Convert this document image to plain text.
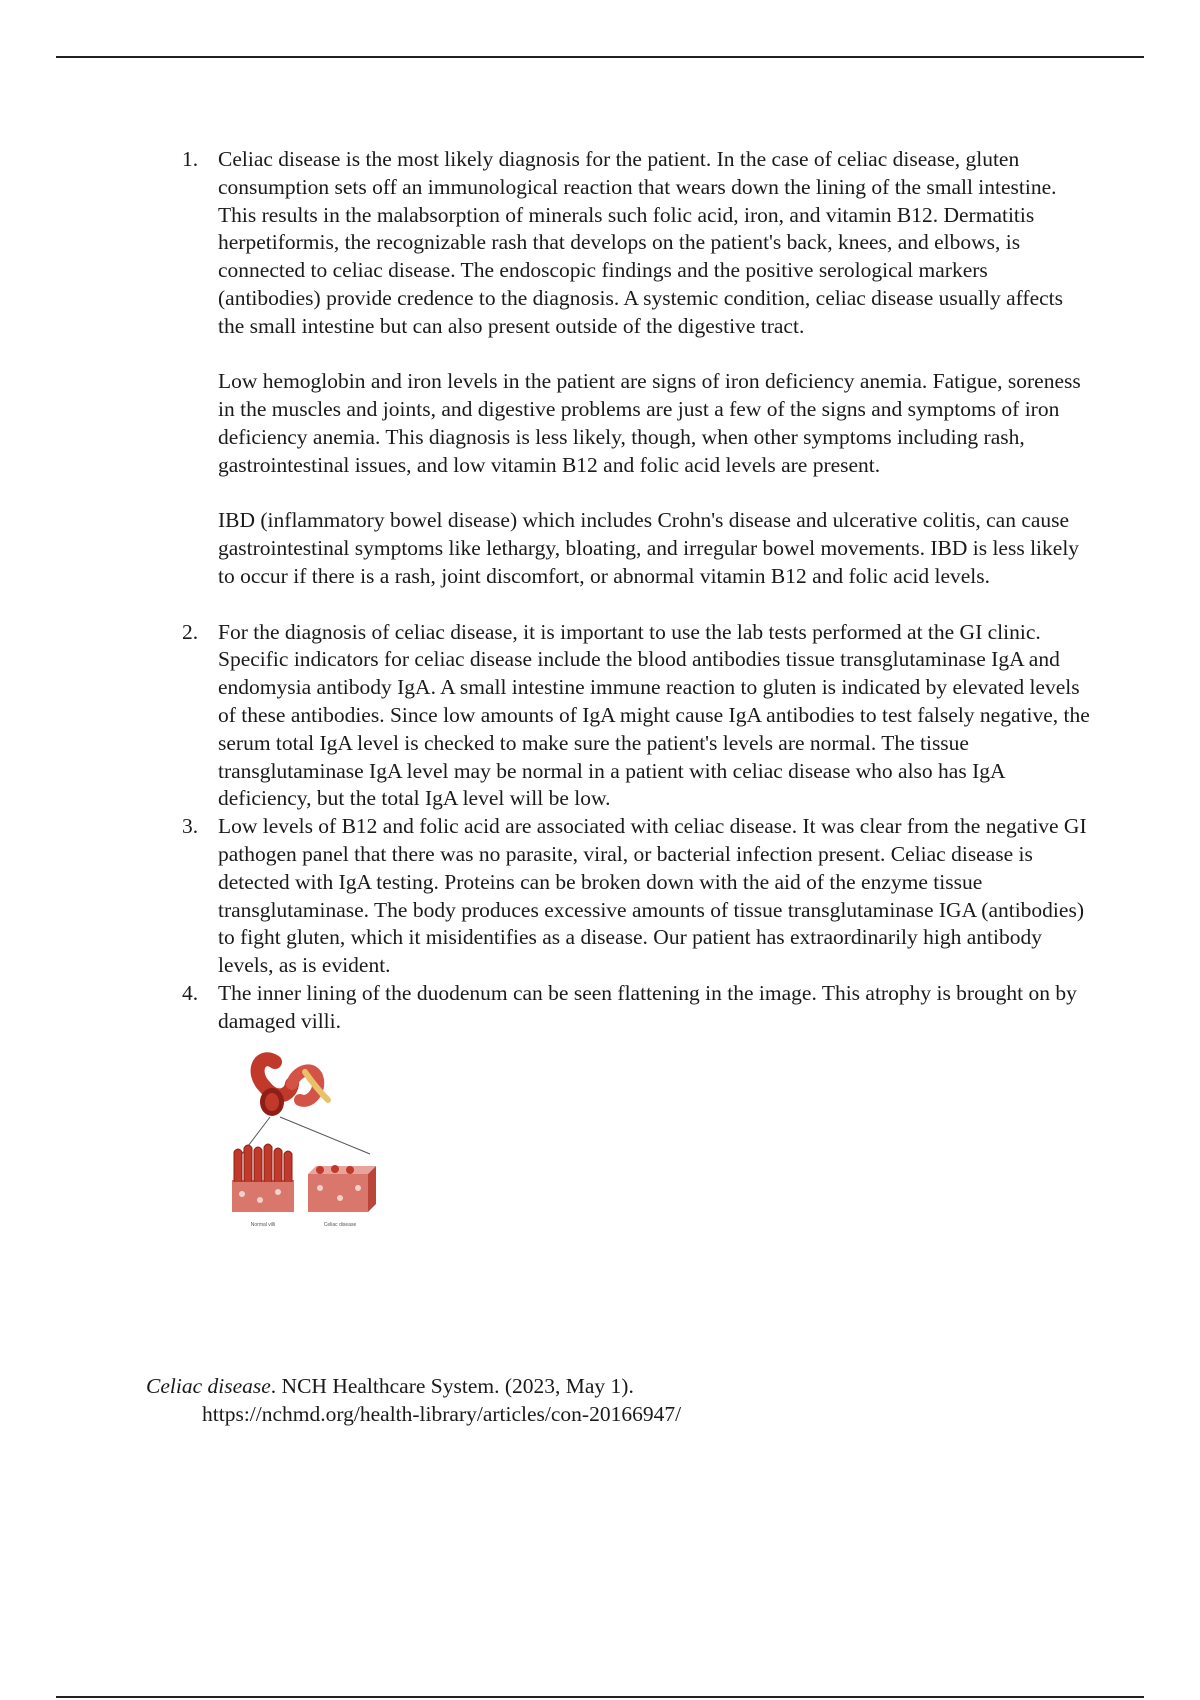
1. Celiac disease is the most likely diagnosis for the patient. In the case of celiac disease, gluten consumption sets off an immunological reaction that wears down the lining of the small intestine. This results in the malabsorption of minerals such folic acid, iron, and vitamin B12. Dermatitis herpetiformis, the recognizable rash that develops on the patient's back, knees, and elbows, is connected to celiac disease. The endoscopic findings and the positive serological markers (antibodies) provide credence to the diagnosis. A systemic condition, celiac disease usually affects the small intestine but can also present outside of the digestive tract.

Low hemoglobin and iron levels in the patient are signs of iron deficiency anemia. Fatigue, soreness in the muscles and joints, and digestive problems are just a few of the signs and symptoms of iron deficiency anemia. This diagnosis is less likely, though, when other symptoms including rash, gastrointestinal issues, and low vitamin B12 and folic acid levels are present.

IBD (inflammatory bowel disease) which includes Crohn's disease and ulcerative colitis, can cause gastrointestinal symptoms like lethargy, bloating, and irregular bowel movements. IBD is less likely to occur if there is a rash, joint discomfort, or abnormal vitamin B12 and folic acid levels.

2. For the diagnosis of celiac disease, it is important to use the lab tests performed at the GI clinic. Specific indicators for celiac disease include the blood antibodies tissue transglutaminase IgA and endomysia antibody IgA. A small intestine immune reaction to gluten is indicated by elevated levels of these antibodies. Since low amounts of IgA might cause IgA antibodies to test falsely negative, the serum total IgA level is checked to make sure the patient's levels are normal. The tissue transglutaminase IgA level may be normal in a patient with celiac disease who also has IgA deficiency, but the total IgA level will be low.

3. Low levels of B12 and folic acid are associated with celiac disease. It was clear from the negative GI pathogen panel that there was no parasite, viral, or bacterial infection present. Celiac disease is detected with IgA testing. Proteins can be broken down with the aid of the enzyme tissue transglutaminase. The body produces excessive amounts of tissue transglutaminase IGA (antibodies) to fight gluten, which it misidentifies as a disease. Our patient has extraordinarily high antibody levels, as is evident.

4. The inner lining of the duodenum can be seen flattening in the image. This atrophy is brought on by damaged villi.

Normal villi	Celiac disease
Celiac disease. NCH Healthcare System. (2023, May 1).
https://nchmd.org/health-library/articles/con-20166947/
